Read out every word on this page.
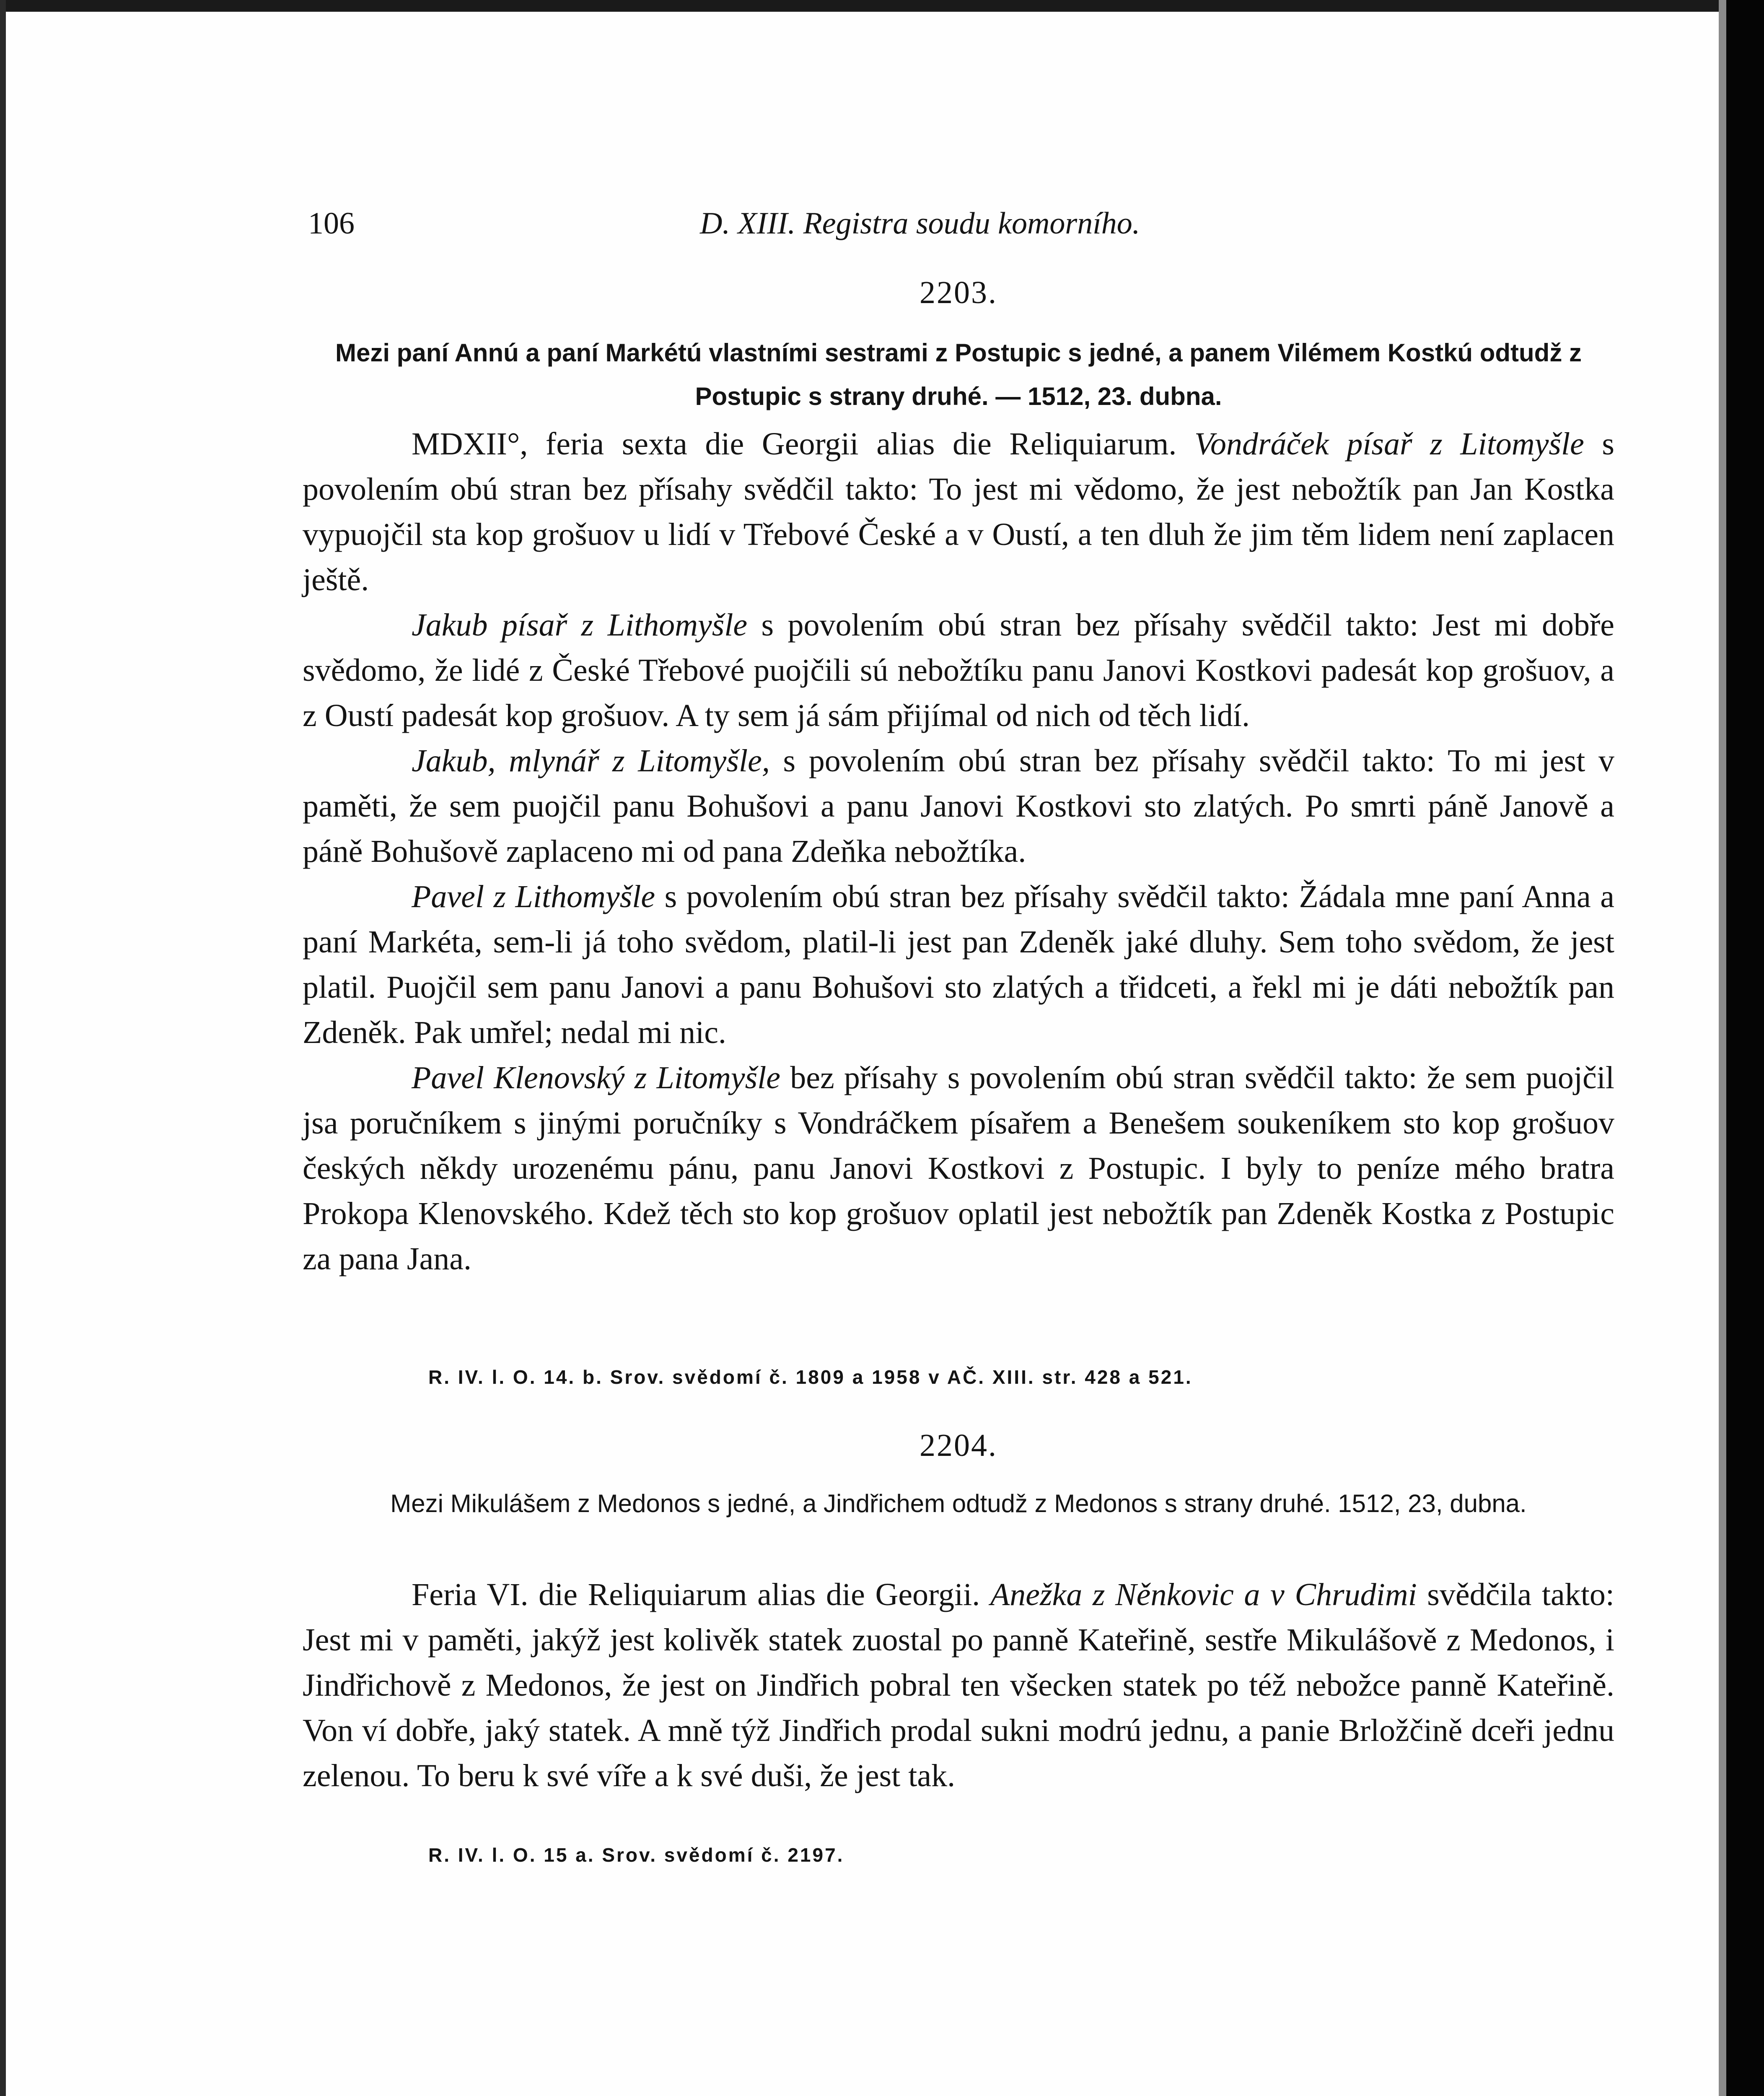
106	D. XIII. Registra soudu komorního.
2203.
Mezi paní Annú a paní Markétú vlastními sestrami z Postupic s jedné, a panem Vilémem Kostkú odtudž z Postupic s strany druhé. — 1512, 23. dubna.

MDXII°, feria sexta die Georgii alias die Reliquiarum. Vondráček písař z Litomyšle s povolením obú stran bez přísahy svědčil takto: To jest mi vědomo, že jest nebožtík pan Jan Kostka vypuojčil sta kop grošuov u lidí v Třebové České a v Oustí, a ten dluh že jim těm lidem není zaplacen ještě.

Jakub písař z Lithomyšle s povolením obú stran bez přísahy svědčil takto: Jest mi dobře svědomo, že lidé z České Třebové puojčili sú nebožtíku panu Janovi Kostkovi padesát kop grošuov, a z Oustí padesát kop grošuov. A ty sem já sám přijímal od nich od těch lidí.

Jakub, mlynář z Litomyšle, s povolením obú stran bez přísahy svědčil takto: To mi jest v paměti, že sem puojčil panu Bohušovi a panu Janovi Kostkovi sto zlatých. Po smrti páně Janově a páně Bohušově zaplaceno mi od pana Zdeňka nebožtíka.

Pavel z Lithomyšle s povolením obú stran bez přísahy svědčil takto: Žádala mne paní Anna a paní Markéta, sem-li já toho svědom, platil-li jest pan Zdeněk jaké dluhy. Sem toho svědom, že jest platil. Puojčil sem panu Janovi a panu Bohušovi sto zlatých a třidceti, a řekl mi je dáti nebožtík pan Zdeněk. Pak umřel; nedal mi nic.

Pavel Klenovský z Litomyšle bez přísahy s povolením obú stran svědčil takto: že sem puojčil jsa poručníkem s jinými poručníky s Vondráčkem písařem a Benešem soukeníkem sto kop grošuov českých někdy urozenému pánu, panu Janovi Kostkovi z Postupic. I byly to peníze mého bratra Prokopa Klenovského. Kdež těch sto kop grošuov oplatil jest nebožtík pan Zdeněk Kostka z Postupic za pana Jana.

R. IV. l. O. 14. b. Srov. svědomí č. 1809 a 1958 v AČ. XIII. str. 428 a 521.
2204.
Mezi Mikulášem z Medonos s jedné, a Jindřichem odtudž z Medonos s strany druhé. 1512, 23, dubna.

Feria VI. die Reliquiarum alias die Georgii. Anežka z Něnkovic a v Chrudimi svědčila takto: Jest mi v paměti, jakýž jest kolivěk statek zuostal po panně Kateřině, sestře Mikulášově z Medonos, i Jindřichově z Medonos, že jest on Jindřich pobral ten všecken statek po též nebožce panně Kateřině. Von ví dobře, jaký statek. A mně týž Jindřich prodal sukni modrú jednu, a panie Brložčině dceři jednu zelenou. To beru k své víře a k své duši, že jest tak.

R. IV. l. O. 15 a. Srov. svědomí č. 2197.
